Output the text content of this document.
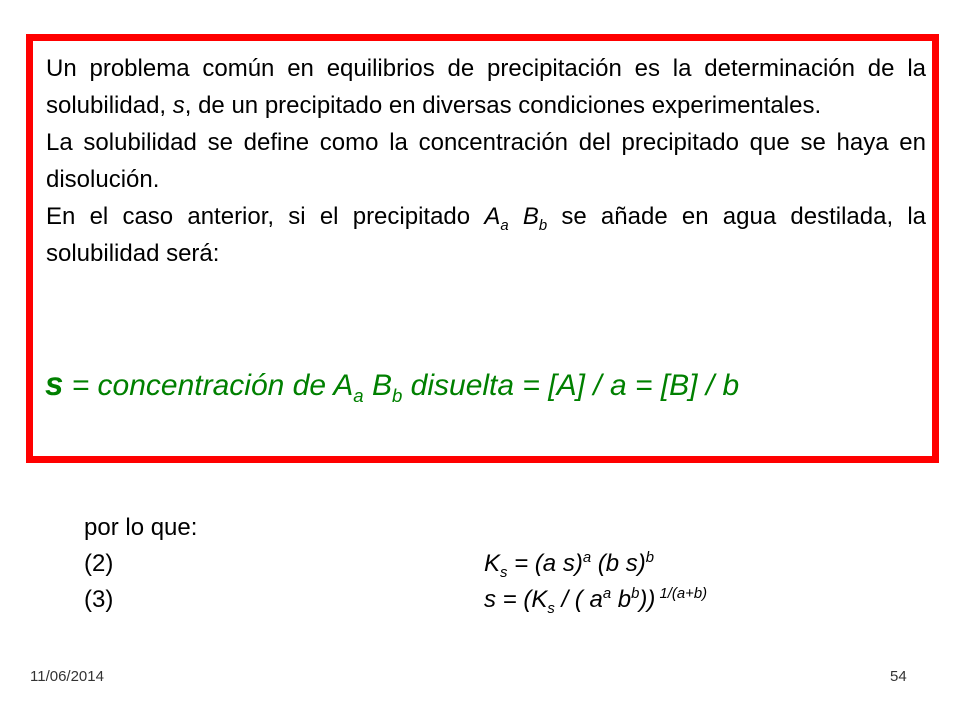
Un problema común en equilibrios de precipitación es la determinación de la solubilidad, s, de un precipitado en diversas condiciones experimentales.

La solubilidad se define como la concentración del precipitado que se haya en disolución.

En el caso anterior, si el precipitado $A_a$ $B_b$ se añade en agua destilada, la solubilidad será:

s = concentración de $A_a$ $B_b$ disuelta = [A] / a = [B] / b
por lo que:
(2)	$K_s = (a$ s)$^a$ (b s)$^b$
(3)	$s = (K_s$ / ( $a^a$ $b^b$)) $^{1/(a+b)}$
11/06/2014	54
